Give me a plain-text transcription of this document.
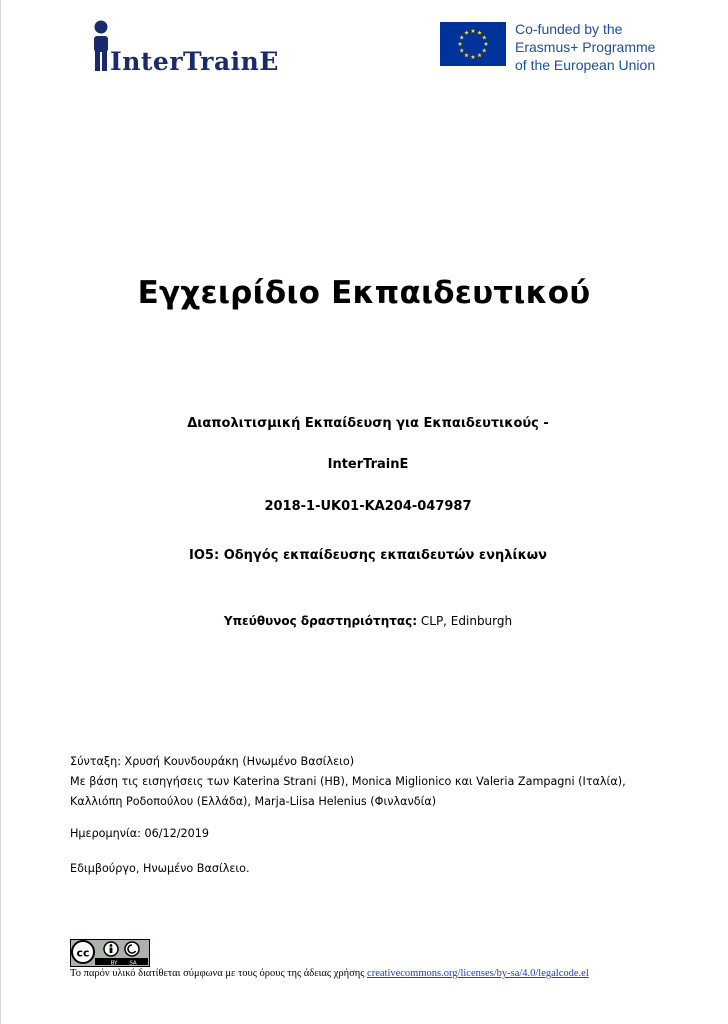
InterTrainE
Co-funded by the
Erasmus+ Programme
of the European Union
Εγχειρίδιο Εκπαιδευτικού
Διαπολιτισμική Εκπαίδευση για Εκπαιδευτικούς -
InterTrainE
2018-1-UK01-KA204-047987
IO5: Οδηγός εκπαίδευσης εκπαιδευτών ενηλίκων
Υπεύθυνος δραστηριότητας: CLP, Edinburgh
Σύνταξη: Χρυσή Κουνδουράκη (Ηνωμένο Βασίλειο)
Με βάση τις εισηγήσεις των Katerina Strani (ΗΒ), Monica Miglionico και Valeria Zampagni (Ιταλία),
Καλλιόπη Ροδοπούλου (Ελλάδα), Marja-Liisa Helenius (Φινλανδία)
Ημερομηνία: 06/12/2019
Εδιμβούργο, Ηνωμένο Βασίλειο.
cc
BY SA
Το παρόν υλικό διατίθεται σύμφωνα με τους όρους της άδειας χρήσης creativecommons.org/licenses/by-sa/4.0/legalcode.el
